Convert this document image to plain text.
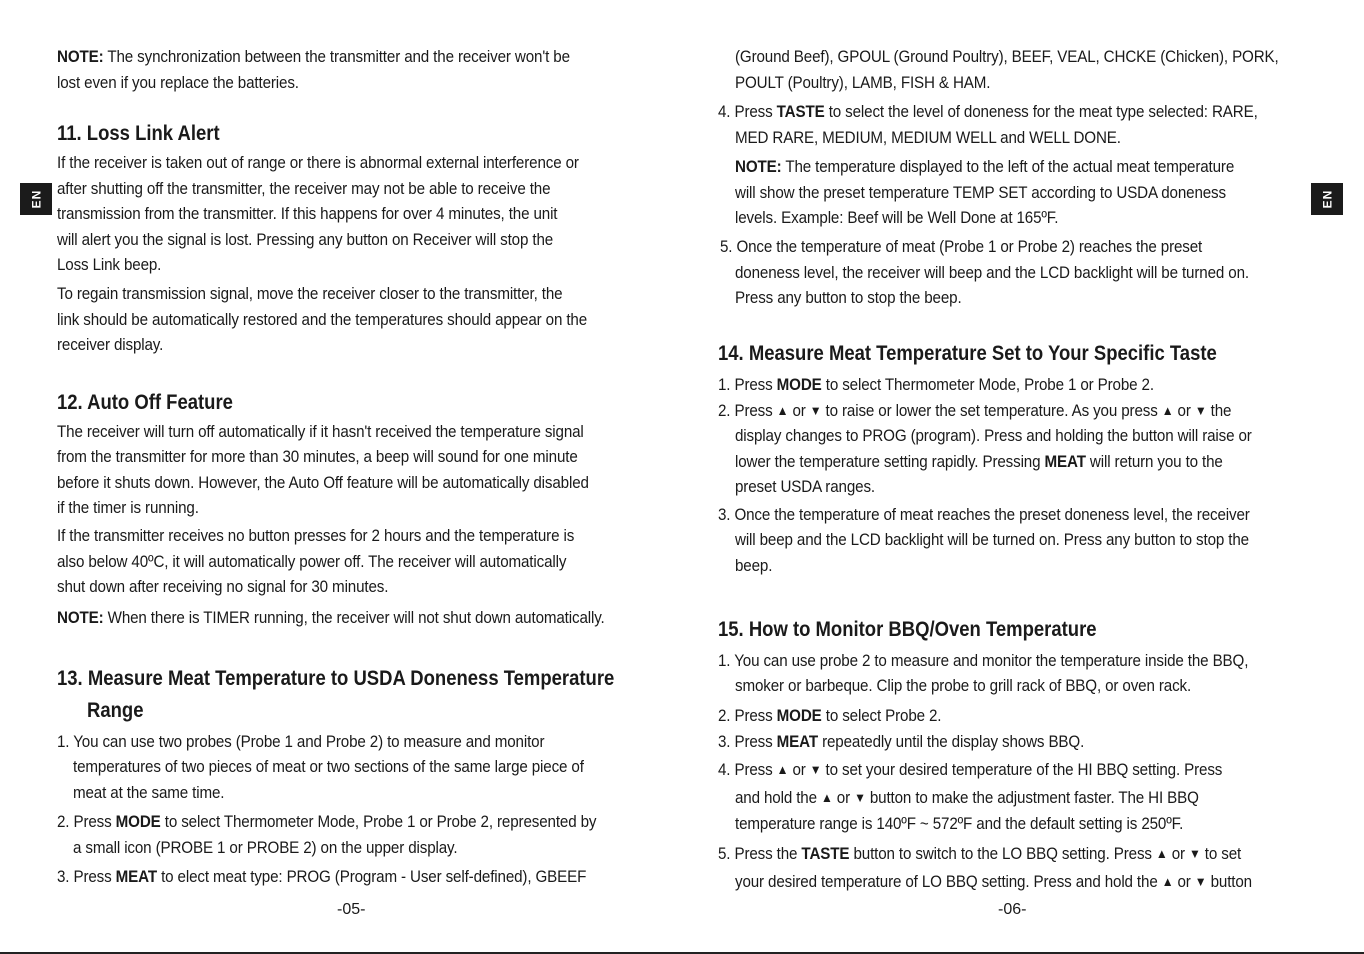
EN
NOTE: The synchronization between the transmitter and the receiver won't be
lost even if you replace the batteries.
11. Loss Link Alert
If the receiver is taken out of range or there is abnormal external interference or
after shutting off the transmitter, the receiver may not be able to receive the
transmission from the transmitter. If this happens for over 4 minutes, the unit
will alert you the signal is lost. Pressing any button on Receiver will stop the
Loss Link beep.
To regain transmission signal, move the receiver closer to the transmitter, the
link should be automatically restored and the temperatures should appear on the
receiver display.
12. Auto Off Feature
The receiver will turn off automatically if it hasn't received the temperature signal
from the transmitter for more than 30 minutes, a beep will sound for one minute
before it shuts down. However, the Auto Off feature will be automatically disabled
if the timer is running.
If the transmitter receives no button presses for 2 hours and the temperature is
also below 40ºC, it will automatically power off. The receiver will automatically
shut down after receiving no signal for 30 minutes.
NOTE: When there is TIMER running, the receiver will not shut down automatically.
13. Measure Meat Temperature to USDA Doneness Temperature
Range
1. You can use two probes (Probe 1 and Probe 2) to measure and monitor
temperatures of two pieces of meat or two sections of the same large piece of
meat at the same time.
2. Press MODE to select Thermometer Mode, Probe 1 or Probe 2, represented by
a small icon (PROBE 1 or PROBE 2) on the upper display.
3. Press MEAT to elect meat type: PROG (Program - User self-defined), GBEEF
-05-
EN
(Ground Beef), GPOUL (Ground Poultry), BEEF, VEAL, CHCKE (Chicken), PORK,
POULT (Poultry), LAMB, FISH & HAM.
4. Press TASTE to select the level of doneness for the meat type selected: RARE,
MED RARE, MEDIUM, MEDIUM WELL and WELL DONE.
NOTE: The temperature displayed to the left of the actual meat temperature
will show the preset temperature TEMP SET according to USDA doneness
levels. Example: Beef will be Well Done at 165ºF.
5. Once the temperature of meat (Probe 1 or Probe 2) reaches the preset
doneness level, the receiver will beep and the LCD backlight will be turned on.
Press any button to stop the beep.
14. Measure Meat Temperature Set to Your Specific Taste
1. Press MODE to select Thermometer Mode, Probe 1 or Probe 2.
2. Press ▲ or ▼ to raise or lower the set temperature. As you press ▲ or ▼ the
display changes to PROG (program). Press and holding the button will raise or
lower the temperature setting rapidly. Pressing MEAT will return you to the
preset USDA ranges.
3. Once the temperature of meat reaches the preset doneness level, the receiver
will beep and the LCD backlight will be turned on. Press any button to stop the
beep.
15. How to Monitor BBQ/Oven Temperature
1. You can use probe 2 to measure and monitor the temperature inside the BBQ,
smoker or barbeque. Clip the probe to grill rack of BBQ, or oven rack.
2. Press MODE to select Probe 2.
3. Press MEAT repeatedly until the display shows BBQ.
4. Press ▲ or ▼ to set your desired temperature of the HI BBQ setting. Press
and hold the ▲ or ▼ button to make the adjustment faster. The HI BBQ
temperature range is 140ºF ~ 572ºF and the default setting is 250ºF.
5. Press the TASTE button to switch to the LO BBQ setting. Press ▲ or ▼ to set
your desired temperature of LO BBQ setting. Press and hold the ▲ or ▼ button
-06-
